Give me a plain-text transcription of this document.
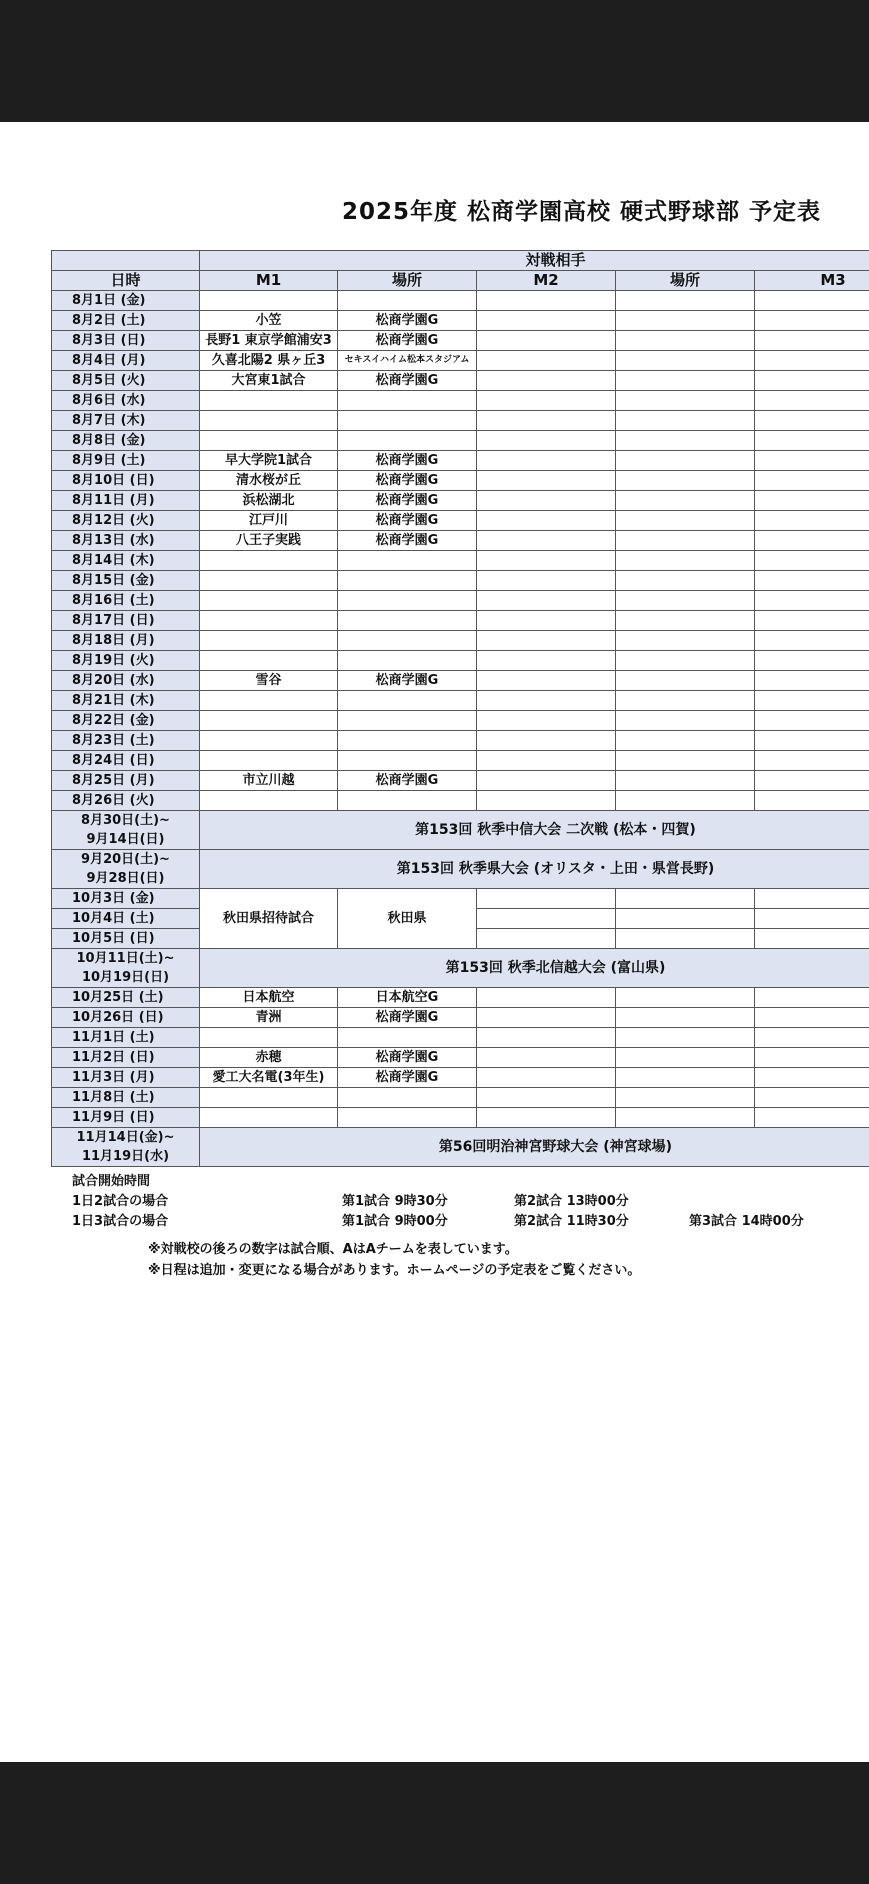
2025年度 松商学園高校 硬式野球部 予定表
	対戦相手				
日時	M1	場所	M2	場所	M3
8月1日 (金)					
8月2日 (土)	小笠	松商学園G			
8月3日 (日)	長野1 東京学館浦安3	松商学園G			
8月4日 (月)	久喜北陽2 県ヶ丘3	セキスイハイム松本スタジアム			
8月5日 (火)	大宮東1試合	松商学園G			
8月6日 (水)					
8月7日 (木)					
8月8日 (金)					
8月9日 (土)	早大学院1試合	松商学園G			
8月10日 (日)	清水桜が丘	松商学園G			
8月11日 (月)	浜松湖北	松商学園G			
8月12日 (火)	江戸川	松商学園G			
8月13日 (水)	八王子実践	松商学園G			
8月14日 (木)					
8月15日 (金)					
8月16日 (土)					
8月17日 (日)					
8月18日 (月)					
8月19日 (火)					
8月20日 (水)	雪谷	松商学園G			
8月21日 (木)					
8月22日 (金)					
8月23日 (土)					
8月24日 (日)					
8月25日 (月)	市立川越	松商学園G			
8月26日 (火)					

8月30日(土)~
9月14日(日)	第153回 秋季中信大会 二次戦 (松本・四賀)				

9月20日(土)~
9月28日(日)	第153回 秋季県大会 (オリスタ・上田・県営長野)				
10月3日 (金)	秋田県招待試合	秋田県			
10月4日 (土)					
10月5日 (日)					

10月11日(土)~
10月19日(日)	第153回 秋季北信越大会 (富山県)				
10月25日 (土)	日本航空	日本航空G			
10月26日 (日)	青洲	松商学園G			
11月1日 (土)					
11月2日 (日)	赤穂	松商学園G			
11月3日 (月)	愛工大名電(3年生)	松商学園G			
11月8日 (土)					
11月9日 (日)					

11月14日(金)~
11月19日(水)	第56回明治神宮野球大会 (神宮球場)				
試合開始時間
1日2試合の場合	第1試合 9時30分	第2試合 13時00分
1日3試合の場合	第1試合 9時00分	第2試合 11時30分	第3試合 14時00分
※対戦校の後ろの数字は試合順、AはAチームを表しています。
※日程は追加・変更になる場合があります。ホームページの予定表をご覧ください。
